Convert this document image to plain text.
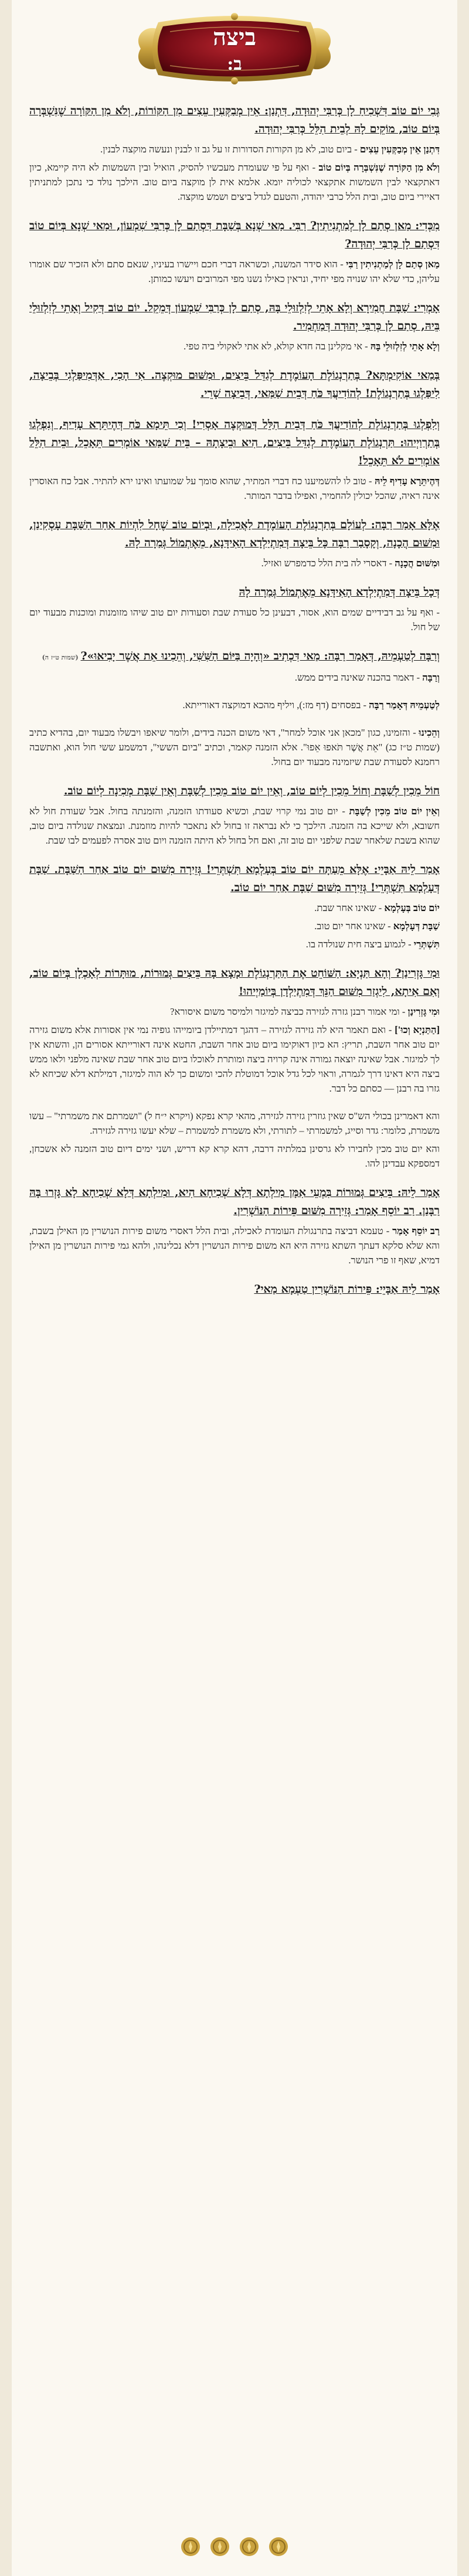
ביצה
ב:
גְּבִי יוֹם טוֹב דִּשְׁכִיחַ לָן כְּרַבִּי יְהוּדָה, דִּתְנַן: אֵין מְבַקְּעִין עֵצִים מִן הַקּוֹרוֹת, וְלֹא מִן הַקּוֹרָה שֶׁנִּשְׁבְּרָה בְּיוֹם טוֹב, מוֹקֵים לָהּ לְבֵית הִלֵּל כְּרַבִּי יְהוּדָה.
דִּתְנַן אֵין מְבַקְּעִין עֵצִים - ביום טוב, לא מן הקורות הסדורות זו על גב זו לבנין ונעשה מוקצה לבנין.
וְלֹא מִן הַקּוֹרָה שֶׁנִּשְׁבְּרָה בְּיוֹם טוֹב - ואף על פי שעומדת מעכשיו להסיק, הואיל ובין השמשות לא היה קיימא, כיון דאתקצאי לבין השמשות אתקצאי לכוליה יומא. אלמא אית לן מוקצה ביום טוב. הילכך נולד כי נתכן למתניתין דאיירי ביום טוב, ובית הלל כרבי יהודה, והטעם לגדל ביצים ושמש מוקצה.
מִכְּדִי: מַאן סְתַם לָן לְמַתְנִיתִין? רַבִּי. מַאי שְׁנָא בְּשַׁבָּת דִּסְתַם לָן כְּרַבִּי שִׁמְעוֹן, וּמַאי שְׁנָא בְּיוֹם טוֹב דִּסְתַם לָן כְּרַבִּי יְהוּדָה?
מַאן סְתַם לָן לְמַתְנִיתִין רַבִּי - הוא סידר המשנה, וכשראה דברי חכם ויישרו בעיניו, שנאם סתם ולא הזכיר שם אומרו עליהן, כדי שלא יהו שנויה מפי יחיד, ונראין כאילו נשנו מפי המרובים ויעשו כמותן.
אָמְרִי: שַׁבָּת חֲמִירָא וְלָא אָתֵי לְזִלְזוּלֵי בָּהּ, סְתַם לָן כְּרַבִּי שִׁמְעוֹן דְּמֵקֵל. יוֹם טוֹב דְּקִיל וְאָתֵי לְזִלְזוּלֵי בֵּיהּ, סְתַם לָן כְּרַבִּי יְהוּדָה דְּמַחְמִיר.
וְלָא אָתֵי לְזִלְזוּלֵי בָּהּ - אי מקלינן בה חדא קולא, לא אתי לאקולי ביה טפי.
בְּמַאי אוֹקִימְתָּא? בְּתַרְנְגוֹלֶת הָעוֹמֶדֶת לְגַדֵּל בֵּיצִים, וּמִשּׁוּם מוּקְצֶה. אִי הָכִי, אַדְּמִיפַּלְגִי בְּבֵיצָה, לִיפַּלְגוּ בְּתַרְנְגוֹלֶת! לְהוֹדִיעֲךָ כֹּחַ דְּבֵית שַׁמַּאי, דְּבֵיצָה שָׁרֵי.
וְלִפְלְגוּ בְּתַרְנְגוֹלֶת לְהוֹדִיעֲךָ כֹּחַ דְּבֵית הִלֵּל דְּמוּקְצֶה אָסְרִי! וְכִי תֵּימָא כֹּחַ דְּהֶיתֵּרָא עָדִיף, וְנִפְלְגוּ בְּתַרְוַיְיהוּ: תַּרְנְגוֹלֶת הָעוֹמֶדֶת לְגַדֵּל בֵּיצִים, הִיא וּבֵיצָתָהּ – בֵּית שַׁמַּאי אוֹמְרִים תֵּאָכֵל, וּבֵית הִלֵּל אוֹמְרִים לֹא תֵּאָכֵל!
דְּהֶיתֵּרָא עָדִיף לֵיהּ - טוב לו להשמיענו כח דברי המתיר, שהוא סומך על שמועתו ואינו ירא להתיר. אבל כח האוסרין אינה ראיה, שהכל יכולין להחמיר, ואפילו בדבר המותר.
אֶלָּא אָמַר רַבָּה: לְעוֹלָם בְּתַרְנְגוֹלֶת הָעוֹמֶדֶת לַאֲכִילָה, וּבְיוֹם טוֹב שֶׁחָל לִהְיוֹת אַחַר הַשַּׁבָּת עָסְקִינַן, וּמִשּׁוּם הֲכָנָה, וְקָסָבַר רַבָּה כָּל בֵּיצָה דְּמִתְיַלְדָא הָאִידָּנָא, מֵאֶתְמוֹל גְּמַרָה לָהּ.
וּמִשּׁוּם הֲכָנָה - דאסרי לה בית הלל כדמפרש ואזיל.
דְּכָל בֵּיצָה דְּמִתְיַלְדָא הָאִידָּנָא מֵאֶתְמוֹל גְּמַרָה לָהּ
- ואף על גב דבידיים שמים הוא, אסור, דבעינן כל סעודת שבת וסעודות יום טוב שיהו מזומנות ומוכנות מבעוד יום של חול.
וְרַבָּה לְטַעְמֵיהּ, דְּאָמַר רַבָּה: מַאי דִּכְתִיב «וְהָיָה בַּיּוֹם הַשִּׁשִּׁי, וְהֵכִינוּ אֵת אֲשֶׁר יָבִיאוּ»? (שמות ט״ז ה)
וְרַבָּה - דאמר בהכנה שאינה בידים ממש.
לְטַעְמֵיהּ דְּאָמַר רַבָּה - בפסחים (דף מז:), ויליף מהכא דמוקצה דאורייתא.
וְהֵכִינוּ - והזמינו, כגון "מכאן אני אוכל למחר", דאי משום הכנה בידים, ולומר שיאפו ויבשלו מבעוד יום, בהדיא כתיב (שמות ט״ז כג) "אֵת אֲשֶׁר תֹּאפוּ אֵפוּ". אלא הזמנה קאמר, וכתיב "ביום הששי", דמשמע ששי חול הוא, ואתשבה רחמנא לסעודת שבת שיזמינה מבעוד יום בחול.
חוֹל מֵכִין לְשַׁבָּת וְחוֹל מֵכִין לְיוֹם טוֹב, וְאֵין יוֹם טוֹב מֵכִין לְשַׁבָּת וְאֵין שַׁבָּת מְכִינָה לְיוֹם טוֹב.
וְאֵין יוֹם טוֹב מֵכִין לְשַׁבָּת - יום טוב נמי קרוי שבת, וכשיא סעודתו הזמנה, והזמנתה בחול. אבל שעודת חול לא חשובא, ולא שייכא בה הזמנה. הילכך כי לא נבראה זו בחול לא נתאכר להיות מוזמנת. ונמצאת שנולדה ביום טוב, שהוא בשבת שלאחר שבת שלפני יום טוב זה, ואם חל בחול לא היתה הזמנה ויום טוב אסרה לפעמים לבו שבת.
אָמַר לֵיהּ אַבָּיֵי: אֶלָּא מֵעַתָּה יוֹם טוֹב בְּעָלְמָא תִּשְׁתְּרֵי! גְּזֵירָה מִשּׁוּם יוֹם טוֹב אַחַר הַשַּׁבָּת. שַׁבָּת דְּעָלְמָא תִּשְׁתְּרֵי! גְּזֵירָה מִשּׁוּם שַׁבָּת אַחַר יוֹם טוֹב.
יוֹם טוֹב בְּעָלְמָא - שאינו אחר שבת.
שַׁבָּת דְּעָלְמָא - שאינו אחר יום טוב.
תִּשְׁתְּרֵי - לגמוע ביצה חית שנולדה בו.
וּמִי גָּזְרִינַן? וְהָא תַּנְיָא: הַשּׁוֹחֵט אֶת הַתַּרְנְגוֹלֶת וּמָצָא בָּהּ בֵּיצִים גְּמוּרוֹת, מוּתָּרוֹת לְאָכְלָן בְּיוֹם טוֹב, וְאִם אִיתָא, לִיגְזַר מִשּׁוּם הַנֵּךְ דְּמִתְיַלְדָן בְּיוֹמַיְיהוּ!
וּמִי גָּזְרִינַן - ומי אמור רבנן גזרה לגזירה כביצה למיגזר ולמיסר משום איסורא?
[הַתַּנְיָא וְכוּ'] - ואם תאמר היא לה גזירה לגזירה – דהגך דמתיילדן ביומייהו גופיה נמי אין אסורות אלא משום גזירה יום טוב אחר השבת, תריץ: הא כיון דאוקימו ביום טוב אחר השבת, החטא אינה דאורייתא אסורים הן, והשתא אין לך למיגזר. אבל שאינה יוצאה גמורה אינה קרויה ביצה ומותרת לאוכלו ביום טוב אחר שבת שאינה מלפני ולאו ממש ביצה היא דאינו דרך לגמרה, וראוי לכל גדל אוכל דמוטלת להכי ומשום כך לא הוה למיגזר, דמילתא דלא שכיחא לא גזרו בה רבנן — כסתם כל דבר.
והא דאמרינן בכולי הש"ס שאין גוזרין גזירה לגזירה, מהאי קרא נפקא (ויקרא י״ח ל) "ושמרתם את משמרתי" – עשו משמרת, כלומר: גדר וסייג, למשמרתי – לתורתי, ולא משמרת למשמרת – שלא יעשו גזירה לגזירה.
והא יום טוב מכין לחבירו לא גרסינן במלתיה דרבה, דהא קרא קא דריש, ושני ימים דיום טוב הזמנה לא אשכחן, דמספקא עבדינן להו.
אָמַר לֵיהּ: בֵּיצִים גְּמוּרוֹת בִּמְעֵי אִמָּן מִילְתָא דְּלָא שְׁכִיחָא הִיא, וּמִילְתָא דְּלָא שְׁכִיחָא לָא גָּזְרוּ בָּהּ רַבָּנַן. רַב יוֹסֵף אָמַר: גְּזֵירָה מִשּׁוּם פֵּירוֹת הַנּוֹשְׁרִין.
רַב יוֹסֵף אָמַר - טעמא דביצה בתרנגולת העומדת לאכילה, ובית הלל דאסרי משום פירות הנושרין מן האילן בשבת, והא שלא סלקא דעתך השתא גזירה היא הא משום פירות הנושרין דלא נכלינהו, ולהא גמי פירות הנושרין מן האילן דמיא, שאף זו פרי הנושר.
אָמַר לֵיהּ אַבָּיֵי: פֵּירוֹת הַנּוֹשְׁרִין טַעְמָא מַאי?
